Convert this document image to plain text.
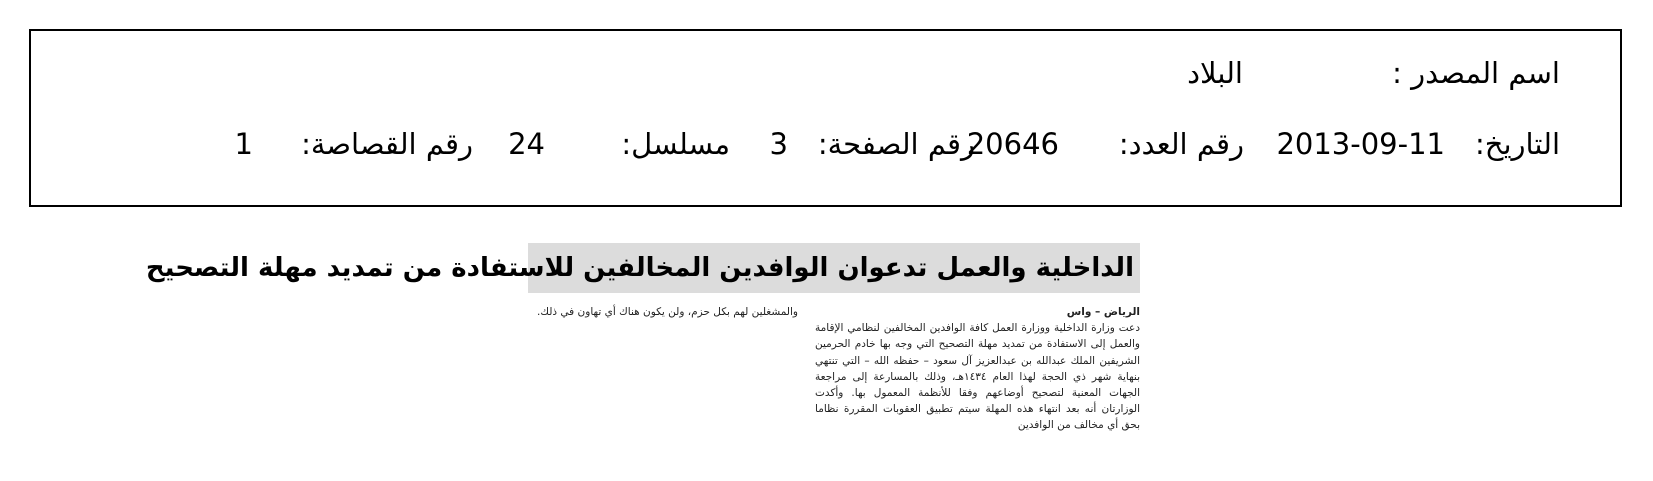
اسم المصدر :
البلاد
التاريخ:
2013-09-11
رقم العدد:
20646
رقم الصفحة:
3
مسلسل:
24
رقم القصاصة:
1
الداخلية والعمل تدعوان الوافدين المخالفين للاستفادة من تمديد مهلة التصحيح
الرياض – واس
دعت وزارة الداخلية ووزارة العمل كافة الوافدين المخالفين لنظامي الإقامة والعمل إلى الاستفادة من تمديد مهلة التصحيح التي وجه بها خادم الحرمين الشريفين الملك عبدالله بن عبدالعزيز آل سعود – حفظه الله – التي تنتهي بنهاية شهر ذي الحجة لهذا العام ١٤٣٤هـ، وذلك بالمسارعة إلى مراجعة الجهات المعنية لتصحيح أوضاعهم وفقا للأنظمة المعمول بها. وأكدت الوزارتان أنه بعد انتهاء هذه المهلة سيتم تطبيق العقوبات المقررة نظاما بحق أي مخالف من الوافدين
والمشغلين لهم بكل حزم، ولن يكون هناك أي تهاون في ذلك.
